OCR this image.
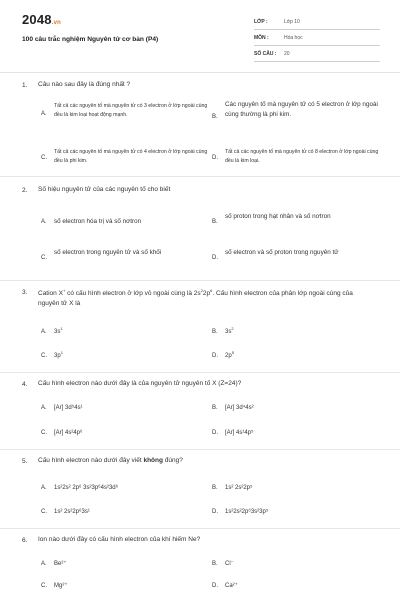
2048.vn
100 câu trắc nghiệm Nguyên tử cơ bản (P4)
LỚP :	Lớp 10
MÔN :	Hóa học
SỐ CÂU :	20
1. Câu nào sau đây là đúng nhất ?
A.
Tất cả các nguyên tố mà nguyên tử có 3 electron ở lớp ngoài cùng đều là kim loại hoạt động mạnh.	B.
Các nguyên tố mà nguyên tử có 5 electron ở lớp ngoài cùng thường là phi kim.
C.
Tất cả các nguyên tố mà nguyên tử có 4 electron ở lớp ngoài cùng đều là phi kim.	D.
Tất cả các nguyên tố mà nguyên tử có 8 electron ở lớp ngoài cùng đều là kim loại.
2. Số hiệu nguyên tử của các nguyên tố cho biết
A. số electron hóa trị và số nơtron	B.
số proton trong hạt nhân và số nơtron
C.
số electron trong nguyên tử và số khối
D.
số electron và số proton trong nguyên tử
3. Cation X+ có cấu hình electron ở lớp vỏ ngoài cùng là $2s^22p^6$. Cấu hình electron của phân lớp ngoài cùng của nguyên tử X là
A. $3s^1$
B. $3s^2$
C. $3p^1$
D. $2p^5$
4. Cấu hình electron nào dưới đây là của nguyên tử nguyên tố X (Z=24)?
A. [Ar] 3d⁹4s¹	B. [Ar] 3d⁴4s²
C. [Ar] 4s²4p⁶	D. [Ar] 4s¹4p⁵
5. Cấu hình electron nào dưới đây viết không đúng?
A. 1s²2s² 2p⁶ 3s²3p⁶4s²3d⁶	B. 1s² 2s²2p⁵
C. 1s² 2s²2p⁶3s¹	D. 1s²2s²2p⁶3s²3p⁵
6. Ion nào dưới đây có cấu hình electron của khí hiếm Ne?
A. Be²⁺	B. Cl⁻
C. Mg²⁺	D. Ca²⁺
